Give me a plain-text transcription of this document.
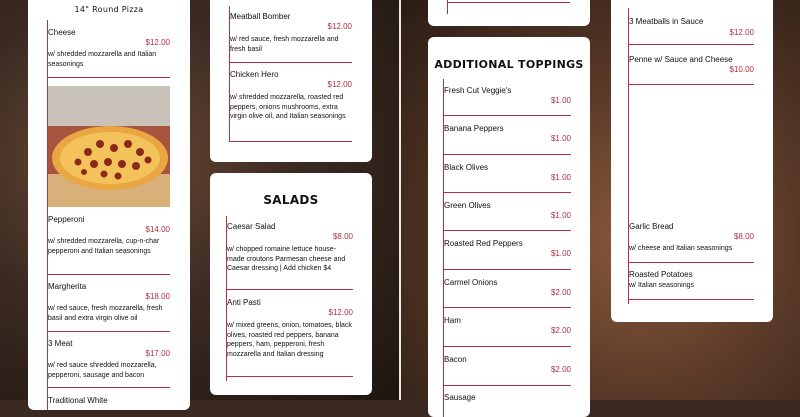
14" Round Pizza
Cheese
$12.00
w/ shredded mozzarella and Italian seasonings
Pepperoni
$14.00
w/ shredded mozzarella, cup-n-char pepperoni and Italian seasonings
Margherita
$18.00
w/ red sauce, fresh mozzarella, fresh basil and extra virgin olive oil
3 Meat
$17.00
w/ red sauce shredded mozzarella, pepperoni, sausage and bacon
Traditional White
Meatball Bomber
$12.00
w/ red sauce, fresh mozzarella and fresh basil
Chicken Hero
$12.00
w/ shredded mozzarella, roasted red peppers, onions mushrooms, extra virgin olive oil, and Italian seasonings
SALADS
Caesar Salad
$8.00
w/ chopped romaine lettuce house-made croutons Parmesan cheese and Caesar dressing | Add chicken $4
Anti Pasti
$12.00
w/ mixed greens, onion, tomatoes, black olives, roasted red peppers, banana peppers, ham, pepperoni, fresh mozzarella and Italian dressing
ADDITIONAL TOPPINGS
Fresh Cut Veggie's
$1.00
Banana Peppers
$1.00
Black Olives
$1.00
Green Olives
$1.00
Roasted Red Peppers
$1.00
Carmel Onions
$2.00
Ham
$2.00
Bacon
$2.00
Sausage
3 Meatballs in Sauce
$12.00
Penne w/ Sauce and Cheese
$10.00
Garlic Bread
$8.00
w/ cheese and Italian seasonings
Roasted Potatoes
w/ Italian seasonings
